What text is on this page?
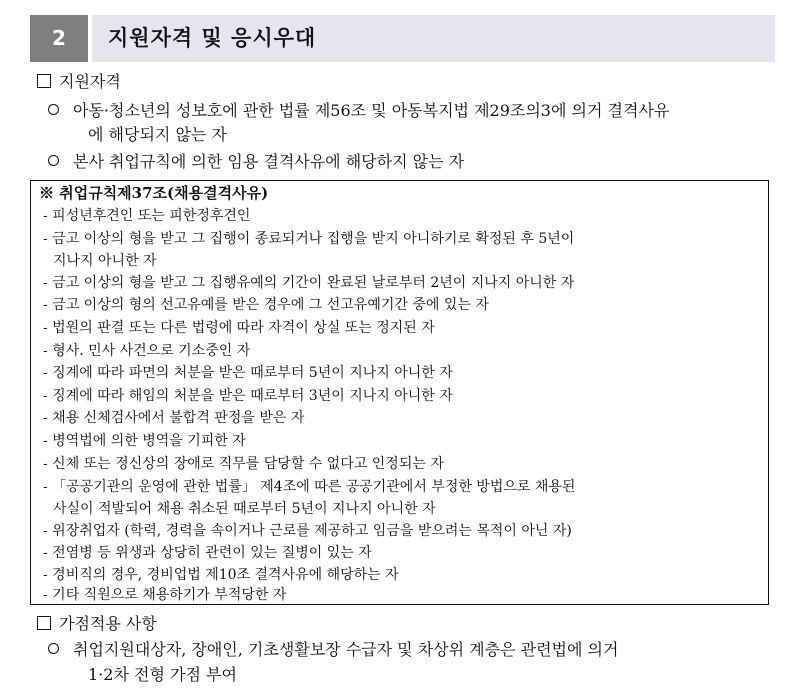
2	지원자격 및 응시우대
지원자격
아동·청소년의 성보호에 관한 법률 제56조 및 아동복지법 제29조의3에 의거 결격사유
에 해당되지 않는 자
본사 취업규칙에 의한 임용 결격사유에 해당하지 않는 자
※ 취업규칙제37조(채용결격사유)
- 피성년후견인 또는 피한정후견인
- 금고 이상의 형을 받고 그 집행이 종료되거나 집행을 받지 아니하기로 확정된 후 5년이
지나지 아니한 자
- 금고 이상의 형을 받고 그 집행유예의 기간이 완료된 날로부터 2년이 지나지 아니한 자
- 금고 이상의 형의 선고유예를 받은 경우에 그 선고유예기간 중에 있는 자
- 법원의 판결 또는 다른 법령에 따라 자격이 상실 또는 정지된 자
- 형사. 민사 사건으로 기소중인 자
- 징계에 따라 파면의 처분을 받은 때로부터 5년이 지나지 아니한 자
- 징계에 따라 해임의 처분을 받은 때로부터 3년이 지나지 아니한 자
- 채용 신체검사에서 불합격 판정을 받은 자
- 병역법에 의한 병역을 기피한 자
- 신체 또는 정신상의 장애로 직무를 담당할 수 없다고 인정되는 자
- 「공공기관의 운영에 관한 법률」 제4조에 따른 공공기관에서 부정한 방법으로 채용된
사실이 적발되어 채용 취소된 때로부터 5년이 지나지 아니한 자
- 위장취업자 (학력, 경력을 속이거나 근로를 제공하고 임금을 받으려는 목적이 아닌 자)
- 전염병 등 위생과 상당히 관련이 있는 질병이 있는 자
- 경비직의 경우, 경비업법 제10조 결격사유에 해당하는 자
- 기타 직원으로 채용하기가 부적당한 자
가점적용 사항
취업지원대상자, 장애인, 기초생활보장 수급자 및 차상위 계층은 관련법에 의거
1·2차 전형 가점 부여
